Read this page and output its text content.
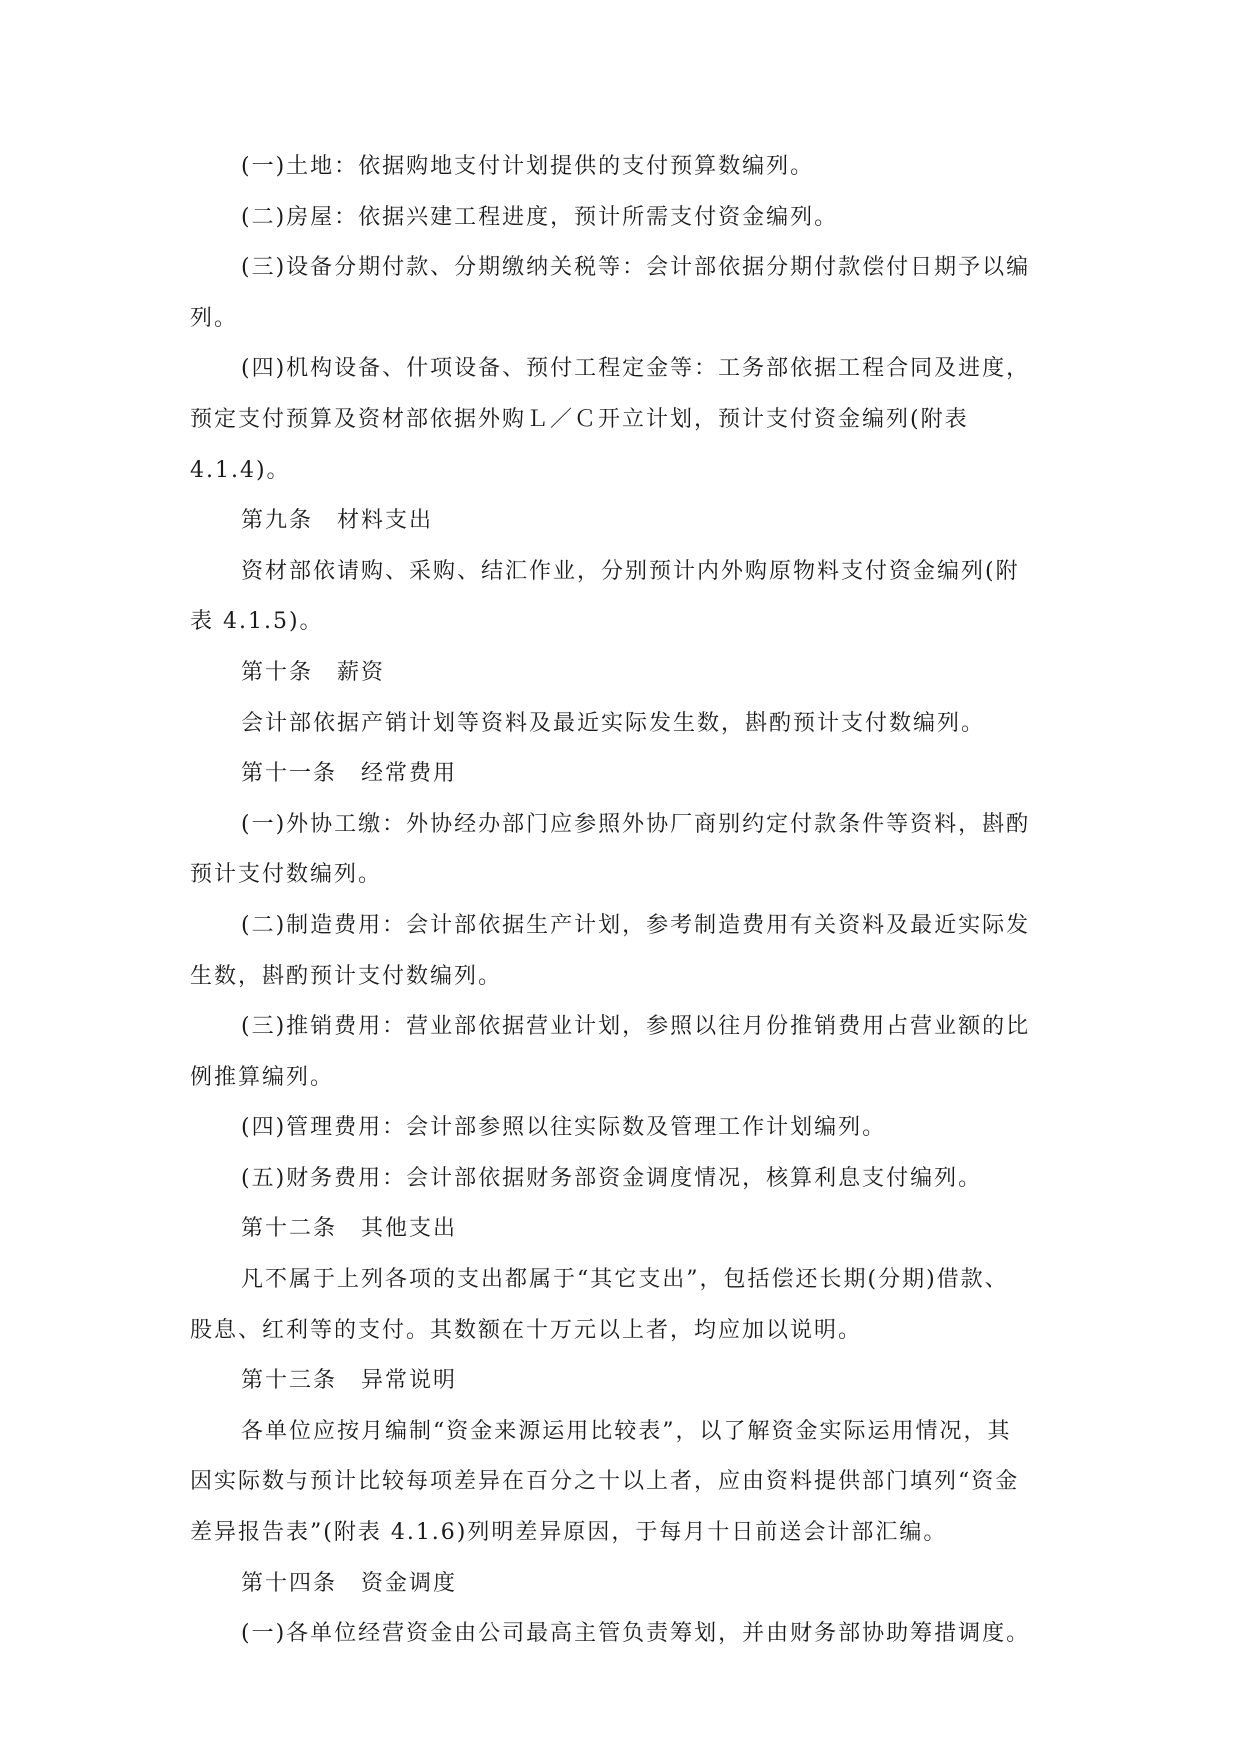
(一)土地：依据购地支付计划提供的支付预算数编列。
(二)房屋：依据兴建工程进度，预计所需支付资金编列。
(三)设备分期付款、分期缴纳关税等：会计部依据分期付款偿付日期予以编
列。
(四)机构设备、什项设备、预付工程定金等：工务部依据工程合同及进度，
预定支付预算及资材部依据外购Ｌ／Ｃ开立计划，预计支付资金编列(附表
4.1.4)。
第九条　材料支出
资材部依请购、采购、结汇作业，分别预计内外购原物料支付资金编列(附
表 4.1.5)。
第十条　薪资
会计部依据产销计划等资料及最近实际发生数，斟酌预计支付数编列。
第十一条　经常费用
(一)外协工缴：外协经办部门应参照外协厂商别约定付款条件等资料，斟酌
预计支付数编列。
(二)制造费用：会计部依据生产计划，参考制造费用有关资料及最近实际发
生数，斟酌预计支付数编列。
(三)推销费用：营业部依据营业计划，参照以往月份推销费用占营业额的比
例推算编列。
(四)管理费用：会计部参照以往实际数及管理工作计划编列。
(五)财务费用：会计部依据财务部资金调度情况，核算利息支付编列。
第十二条　其他支出
凡不属于上列各项的支出都属于“其它支出”，包括偿还长期(分期)借款、
股息、红利等的支付。其数额在十万元以上者，均应加以说明。
第十三条　异常说明
各单位应按月编制“资金来源运用比较表”，以了解资金实际运用情况，其
因实际数与预计比较每项差异在百分之十以上者，应由资料提供部门填列“资金
差异报告表”(附表 4.1.6)列明差异原因，于每月十日前送会计部汇编。
第十四条　资金调度
(一)各单位经营资金由公司最高主管负责筹划，并由财务部协助筹措调度。
